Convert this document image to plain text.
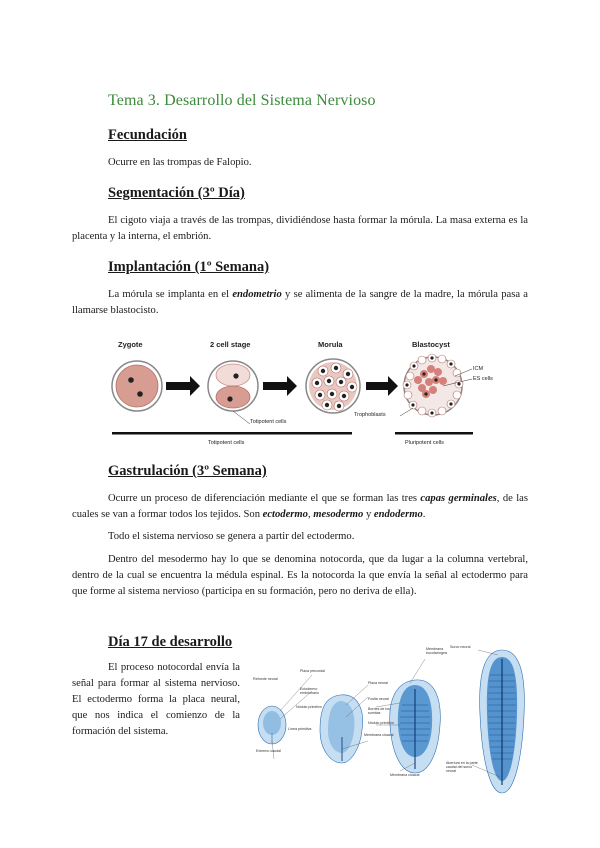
Tema 3. Desarrollo del Sistema Nervioso
Fecundación
Ocurre en las trompas de Falopio.
Segmentación (3º Día)
El cigoto viaja a través de las trompas, dividiéndose hasta formar la mórula. La masa externa es la placenta y la interna, el embrión.
Implantación (1º Semana)
La mórula se implanta en el endometrio y se alimenta de la sangre de la madre, la mórula pasa a llamarse blastocisto.
Zygote	2 cell stage	Morula	Blastocyst
Totipotent cells
Trophoblasts
ICM
ES cells
Totipotent cells	Pluripotent cells
Gastrulación (3º Semana)
Ocurre un proceso de diferenciación mediante el que se forman las tres capas germinales, de las cuales se van a formar todos los tejidos. Son ectodermo, mesodermo y endodermo.
Todo el sistema nervioso se genera a partir del ectodermo.
Dentro del mesodermo hay lo que se denomina notocorda, que da lugar a la columna vertebral, dentro de la cual se encuentra la médula espinal. Es la notocorda la que envía la señal al ectodermo para que forme al sistema nervioso (participa en su formación, pero no deriva de ella).
Día 17 de desarrollo
El proceso notocordal envía la señal para formar al sistema nervioso. El ectodermo forma la placa neural, que nos indica el comienzo de la formación del sistema.
Reborde neural
Placa precordal
Ectodermo embrionario
Nódulo primitivo
Línea primitiva
Extremo caudal
Placa neural
Fosita neural
Membrana cloacal
Membrana bucofaríngea
Bordes de los somitas
Nódulo primitivo
Membrana cloacal
Surco neural
Abertura en la parte caudal del surco neural
